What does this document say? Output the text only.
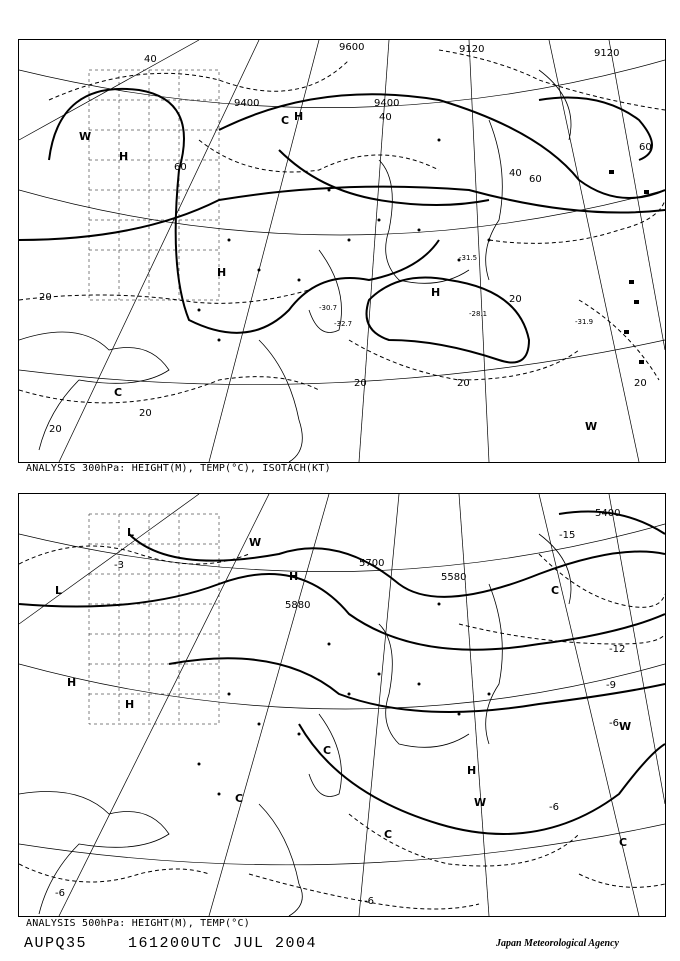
9120	9120
9400	9400
9600
20
40
60
20
20
20	20
20
20
40
60
40
60
-31.5
-31.9
-32.7
-30.7
-28.1
W
H
H
H
C
C
W
H
ANALYSIS 300hPa: HEIGHT(M), TEMP(°C), ISOTACH(KT)
5400
5700
5580
5880
-15
-12
-9
-6
-6
-3
-6
-6
L
L
H
H
W
H
C
C
C
W
W
C
H
C
ANALYSIS 500hPa: HEIGHT(M), TEMP(°C)
AUPQ35	161200UTC JUL 2004	Japan Meteorological Agency
